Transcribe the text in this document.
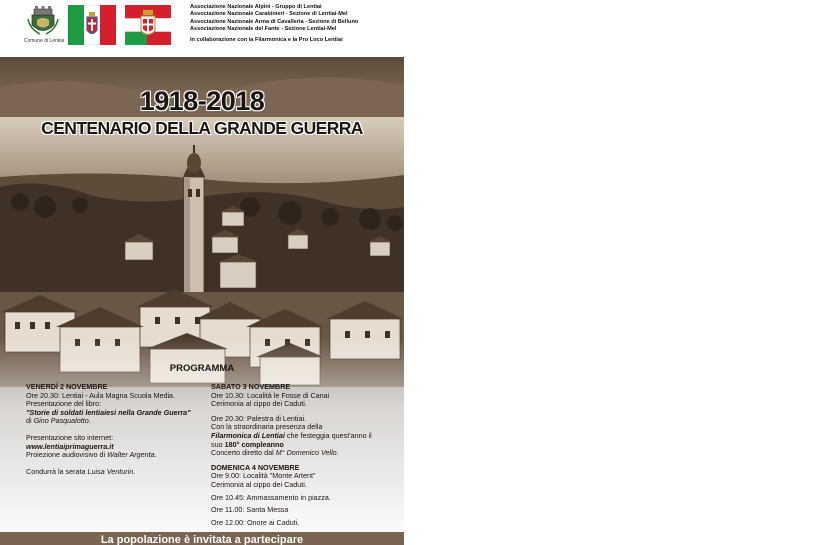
Comune di Lentiai
Associazione Nazionale Alpini - Gruppo di Lentiai
Associazione Nazionale Carabinieri - Sezione di Lentiai-Mel
Associazione Nazionale Arma di Cavalleria - Sezione di Belluno
Associazione Nazionale del Fante - Sezione Lentiai-Mel
In collaborazione con la Filarmonica e la Pro Loco Lentiai
1918-2018
CENTENARIO DELLA GRANDE GUERRA
PROGRAMMA
VENERDÌ 2 NOVEMBRE
Ore 20.30: Lentiai - Aula Magna Scuola Media.
Presentazione del libro:
"Storie di soldati lentiaiesi nella Grande Guerra"
di Gino Pasqualotto.
Presentazione sito internet:
www.lentiaiprimaguerra.it
Proiezione audiovisivo di Walter Argenta.
Condurrà la serata Luisa Venturin.
SABATO 3 NOVEMBRE
Ore 10.30: Località le Fosse di Canai
Cerimonia al cippo dei Caduti.
Ore 20.30: Palestra di Lentiai.
Con la straordinaria presenza della
Filarmonica di Lentiai che festeggia quest'anno il
suo 180° compleanno
Concerto diretto dal M° Domenico Vello.
DOMENICA 4 NOVEMBRE
Ore 9.00: Località "Monte Artent"
Cerimonia al cippo dei Caduti.
Ore 10.45: Ammassamento in piazza.
Ore 11.00: Santa Messa
Ore 12.00: Onore ai Caduti.
La popolazione è invitata a partecipare
